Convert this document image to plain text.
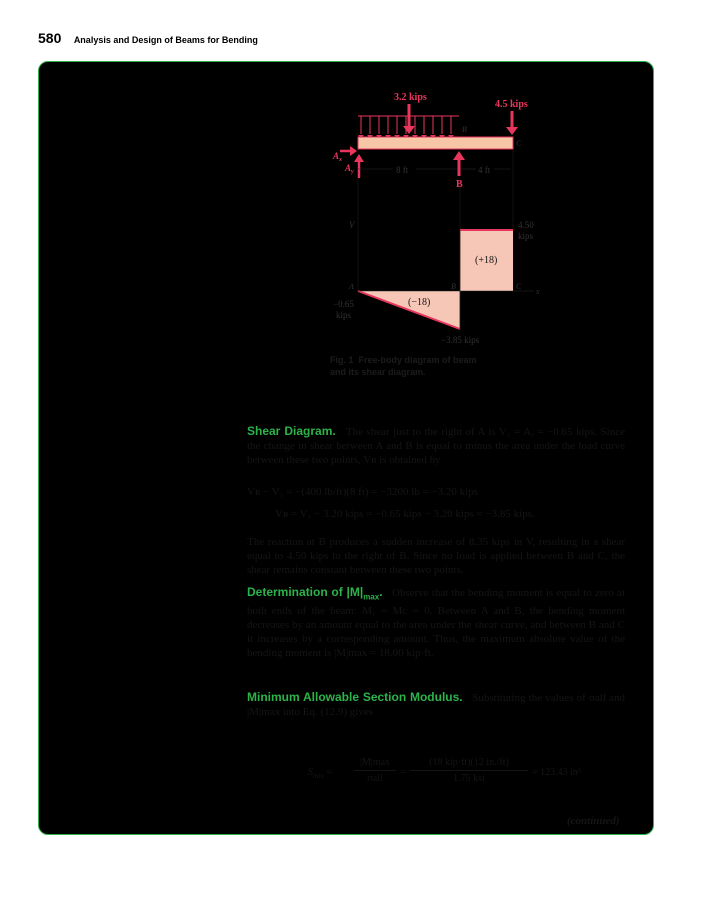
580 Analysis and Design of Beams for Bending
3.2 kips
4.5 kips
B
C
$A_x$
$A_y$
B
8 ft	4 ft
V	4.50
kips
(+18)
(−18)
A	B	C
x
−0.65
kips
−3.85 kips
Fig. 1 Free-body diagram of beam
and its shear diagram.
Shear Diagram. The shear just to the right of A is V₁ = Aᵧ = −0.65 kips. Since the change in shear between A and B is equal to minus the area under the load curve between these two points, Vʙ is obtained by
Vʙ − V₁ = −(400 lb/ft)(8 ft) = −3200 lb = −3.20 kips
Vʙ = V₁ − 3.20 kips = −0.65 kips − 3.20 kips = −3.85 kips.
The reaction at B produces a sudden increase of 8.35 kips in V, resulting in a shear equal to 4.50 kips to the right of B. Since no load is applied between B and C, the shear remains constant between these two points.
Determination of $|M|_{max}$. Observe that the bending moment is equal to zero at both ends of the beam: M₁ = Mᴄ = 0. Between A and B, the bending moment decreases by an amount equal to the area under the shear curve, and between B and C it increases by a corresponding amount. Thus, the maximum absolute value of the bending moment is |M|max = 18.00 kip·ft.
Minimum Allowable Section Modulus. Substituting the values of σall and |M|max into Eq. (12.9) gives
$S_{min}$ =
|M|max
σall
=
(18 kip·ft)(12 in./ft)
1.75 ksi
= 123.43 in³
(continued)
